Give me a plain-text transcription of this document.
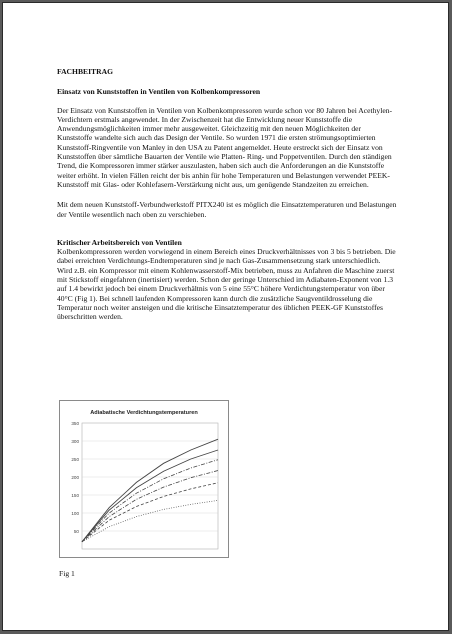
FACHBEITRAG

Einsatz von Kunststoffen in Ventilen von Kolbenkompressoren

Der Einsatz von Kunststoffen in Ventilen von Kolbenkompressoren wurde schon vor 80 Jahren bei Acethylen-Verdichtern erstmals angewendet. In der Zwischenzeit hat die Entwicklung neuer Kunststoffe die Anwendungsmöglichkeiten immer mehr ausgeweitet. Gleichzeitig mit den neuen Möglichkeiten der Kunststoffe wandelte sich auch das Design der Ventile. So wurden 1971 die ersten strömungsoptimierten Kunststoff-Ringventile von Manley in den USA zu Patent angemeldet. Heute erstreckt sich der Einsatz von Kunststoffen über sämtliche Bauarten der Ventile wie Platten- Ring- und Poppetventilen. Durch den ständigen Trend, die Kompressoren immer stärker auszulasten, haben sich auch die Anforderungen an die Kunststoffe weiter erhöht. In vielen Fällen reicht der bis anhin für hohe Temperaturen und Belastungen verwendet PEEK-Kunststoff mit Glas- oder Kohlefasern-Verstärkung nicht aus, um genügende Standzeiten zu erreichen.

Mit dem neuen Kunststoff-Verbundwerkstoff PITX240 ist es möglich die Einsatztemperaturen und Belastungen der Ventile wesentlich nach oben zu verschieben.

Kritischer Arbeitsbereich von Ventilen

Kolbenkompressoren werden vorwiegend in einem Bereich eines Druckverhältnisses von 3 bis 5 betrieben. Die dabei erreichten Verdichtungs-Endtemperaturen sind je nach Gas-Zusammensetzung stark unterschiedlich. Wird z.B. ein Kompressor mit einem Kohlenwasserstoff-Mix betrieben, muss zu Anfahren die Maschine zuerst mit Stickstoff eingefahren (inertisiert) werden. Schon der geringe Unterschied im Adiabaten-Exponent von 1.3 auf 1.4 bewirkt jedoch bei einem Druckverhältnis von 5 eine 55°C höhere Verdichtungstemperatur von über 40°C (Fig 1). Bei schnell laufenden Kompressoren kann durch die zusätzliche Saugventildrosselung die Temperatur noch weiter ansteigen und die kritische Einsatztemperatur des üblichen PEEK-GF Kunststoffes überschritten werden.

Adiabatische Verdichtungstemperaturen
350
300
250
200
150
100
50
Fig 1
